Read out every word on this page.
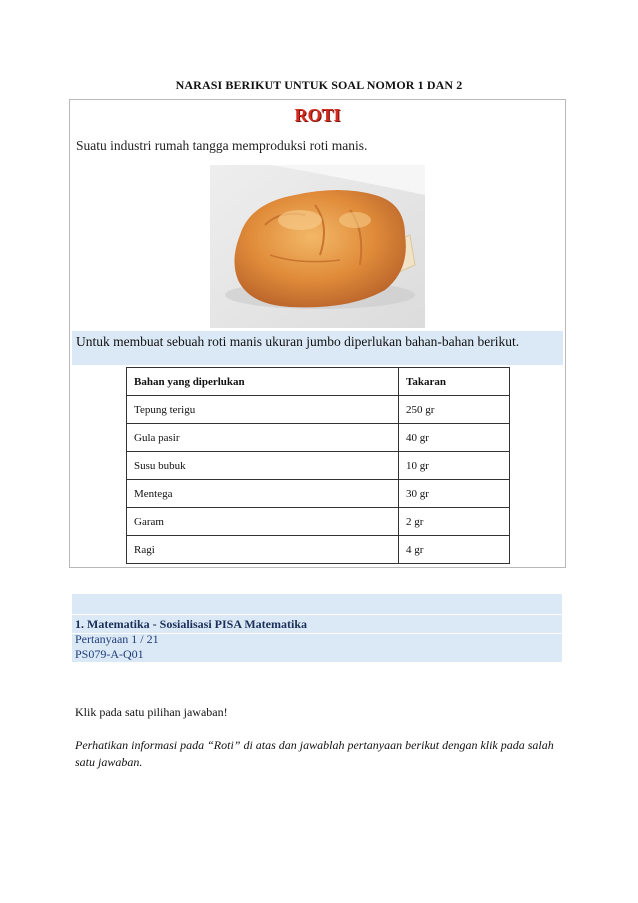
NARASI BERIKUT UNTUK SOAL NOMOR 1 DAN 2
ROTI
Suatu industri rumah tangga memproduksi roti manis.
Untuk membuat sebuah roti manis ukuran jumbo diperlukan bahan-bahan berikut.
Bahan yang diperlukan	Takaran
Tepung terigu	250 gr
Gula pasir	40 gr
Susu bubuk	10 gr
Mentega	30 gr
Garam	2 gr
Ragi	4 gr
1. Matematika - Sosialisasi PISA Matematika
Pertanyaan 1 / 21
PS079-A-Q01
Klik pada satu pilihan jawaban!
Perhatikan informasi pada “Roti” di atas dan jawablah pertanyaan berikut dengan klik pada salah satu jawaban.
